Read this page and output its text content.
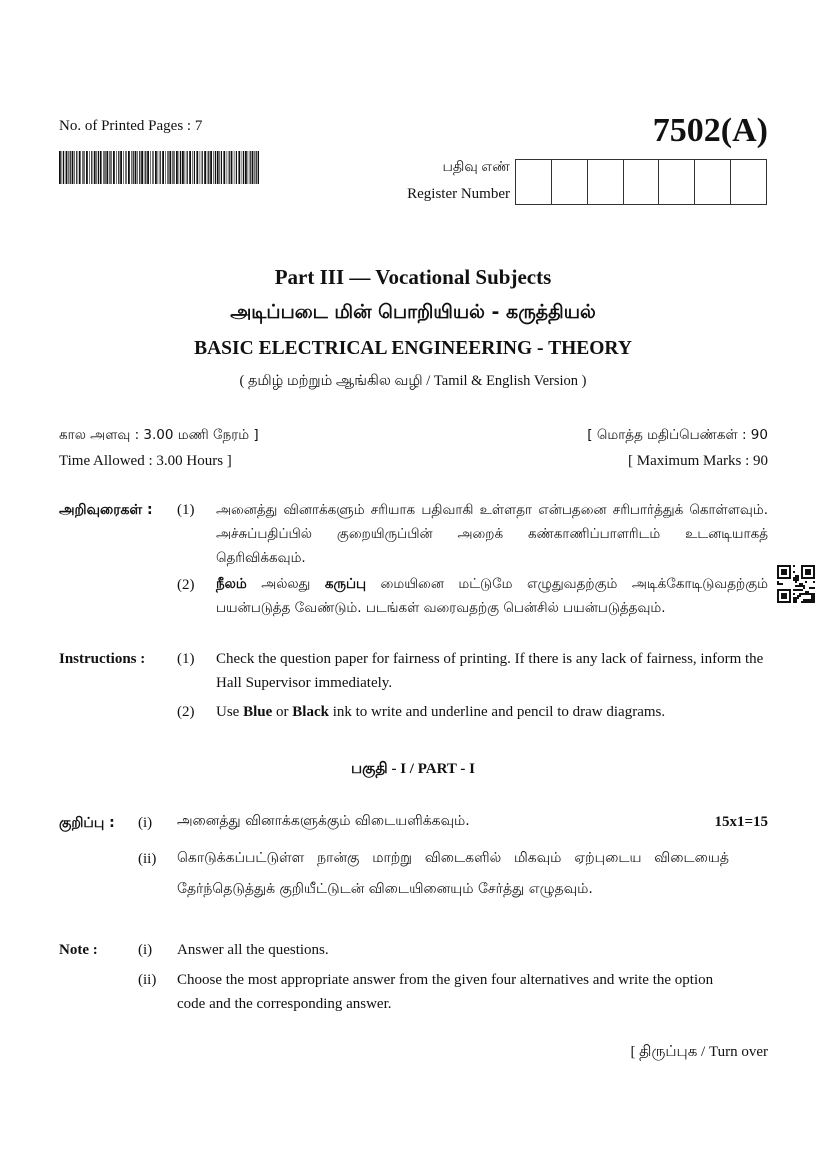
No. of Printed Pages : 7	7502(A)
பதிவு எண்
Register Number
Part III — Vocational Subjects
அடிப்படை மின் பொறியியல் - கருத்தியல்
BASIC ELECTRICAL ENGINEERING - THEORY
( தமிழ் மற்றும் ஆங்கில வழி / Tamil & English Version )
கால அளவு : 3.00 மணி நேரம் ]
Time Allowed : 3.00 Hours ]
[ மொத்த மதிப்பெண்கள் : 90
[ Maximum Marks : 90
அறிவுரைகள் : (1) அனைத்து வினாக்களும் சரியாக பதிவாகி உள்ளதா என்பதனை சரிபார்த்துக் கொள்ளவும். அச்சுப்பதிப்பில் குறையிருப்பின் அறைக் கண்காணிப்பாளரிடம் உடனடியாகத் தெரிவிக்கவும்.
(2) நீலம் அல்லது கருப்பு மையினை மட்டுமே எழுதுவதற்கும் அடிக்கோடிடுவதற்கும் பயன்படுத்த வேண்டும். படங்கள் வரைவதற்கு பென்சில் பயன்படுத்தவும்.
Instructions : (1) Check the question paper for fairness of printing. If there is any lack of fairness, inform the Hall Supervisor immediately.
(2) Use Blue or Black ink to write and underline and pencil to draw diagrams.
பகுதி - I / PART - I
குறிப்பு : (i) அனைத்து வினாக்களுக்கும் விடையளிக்கவும்.	15x1=15
(ii) கொடுக்கப்பட்டுள்ள நான்கு மாற்று விடைகளில் மிகவும் ஏற்புடைய விடையைத் தேர்ந்தெடுத்துக் குறியீட்டுடன் விடையினையும் சேர்த்து எழுதவும்.
Note :	(i) Answer all the questions.
(ii) Choose the most appropriate answer from the given four alternatives and write the option code and the corresponding answer.
[ திருப்புக / Turn over
